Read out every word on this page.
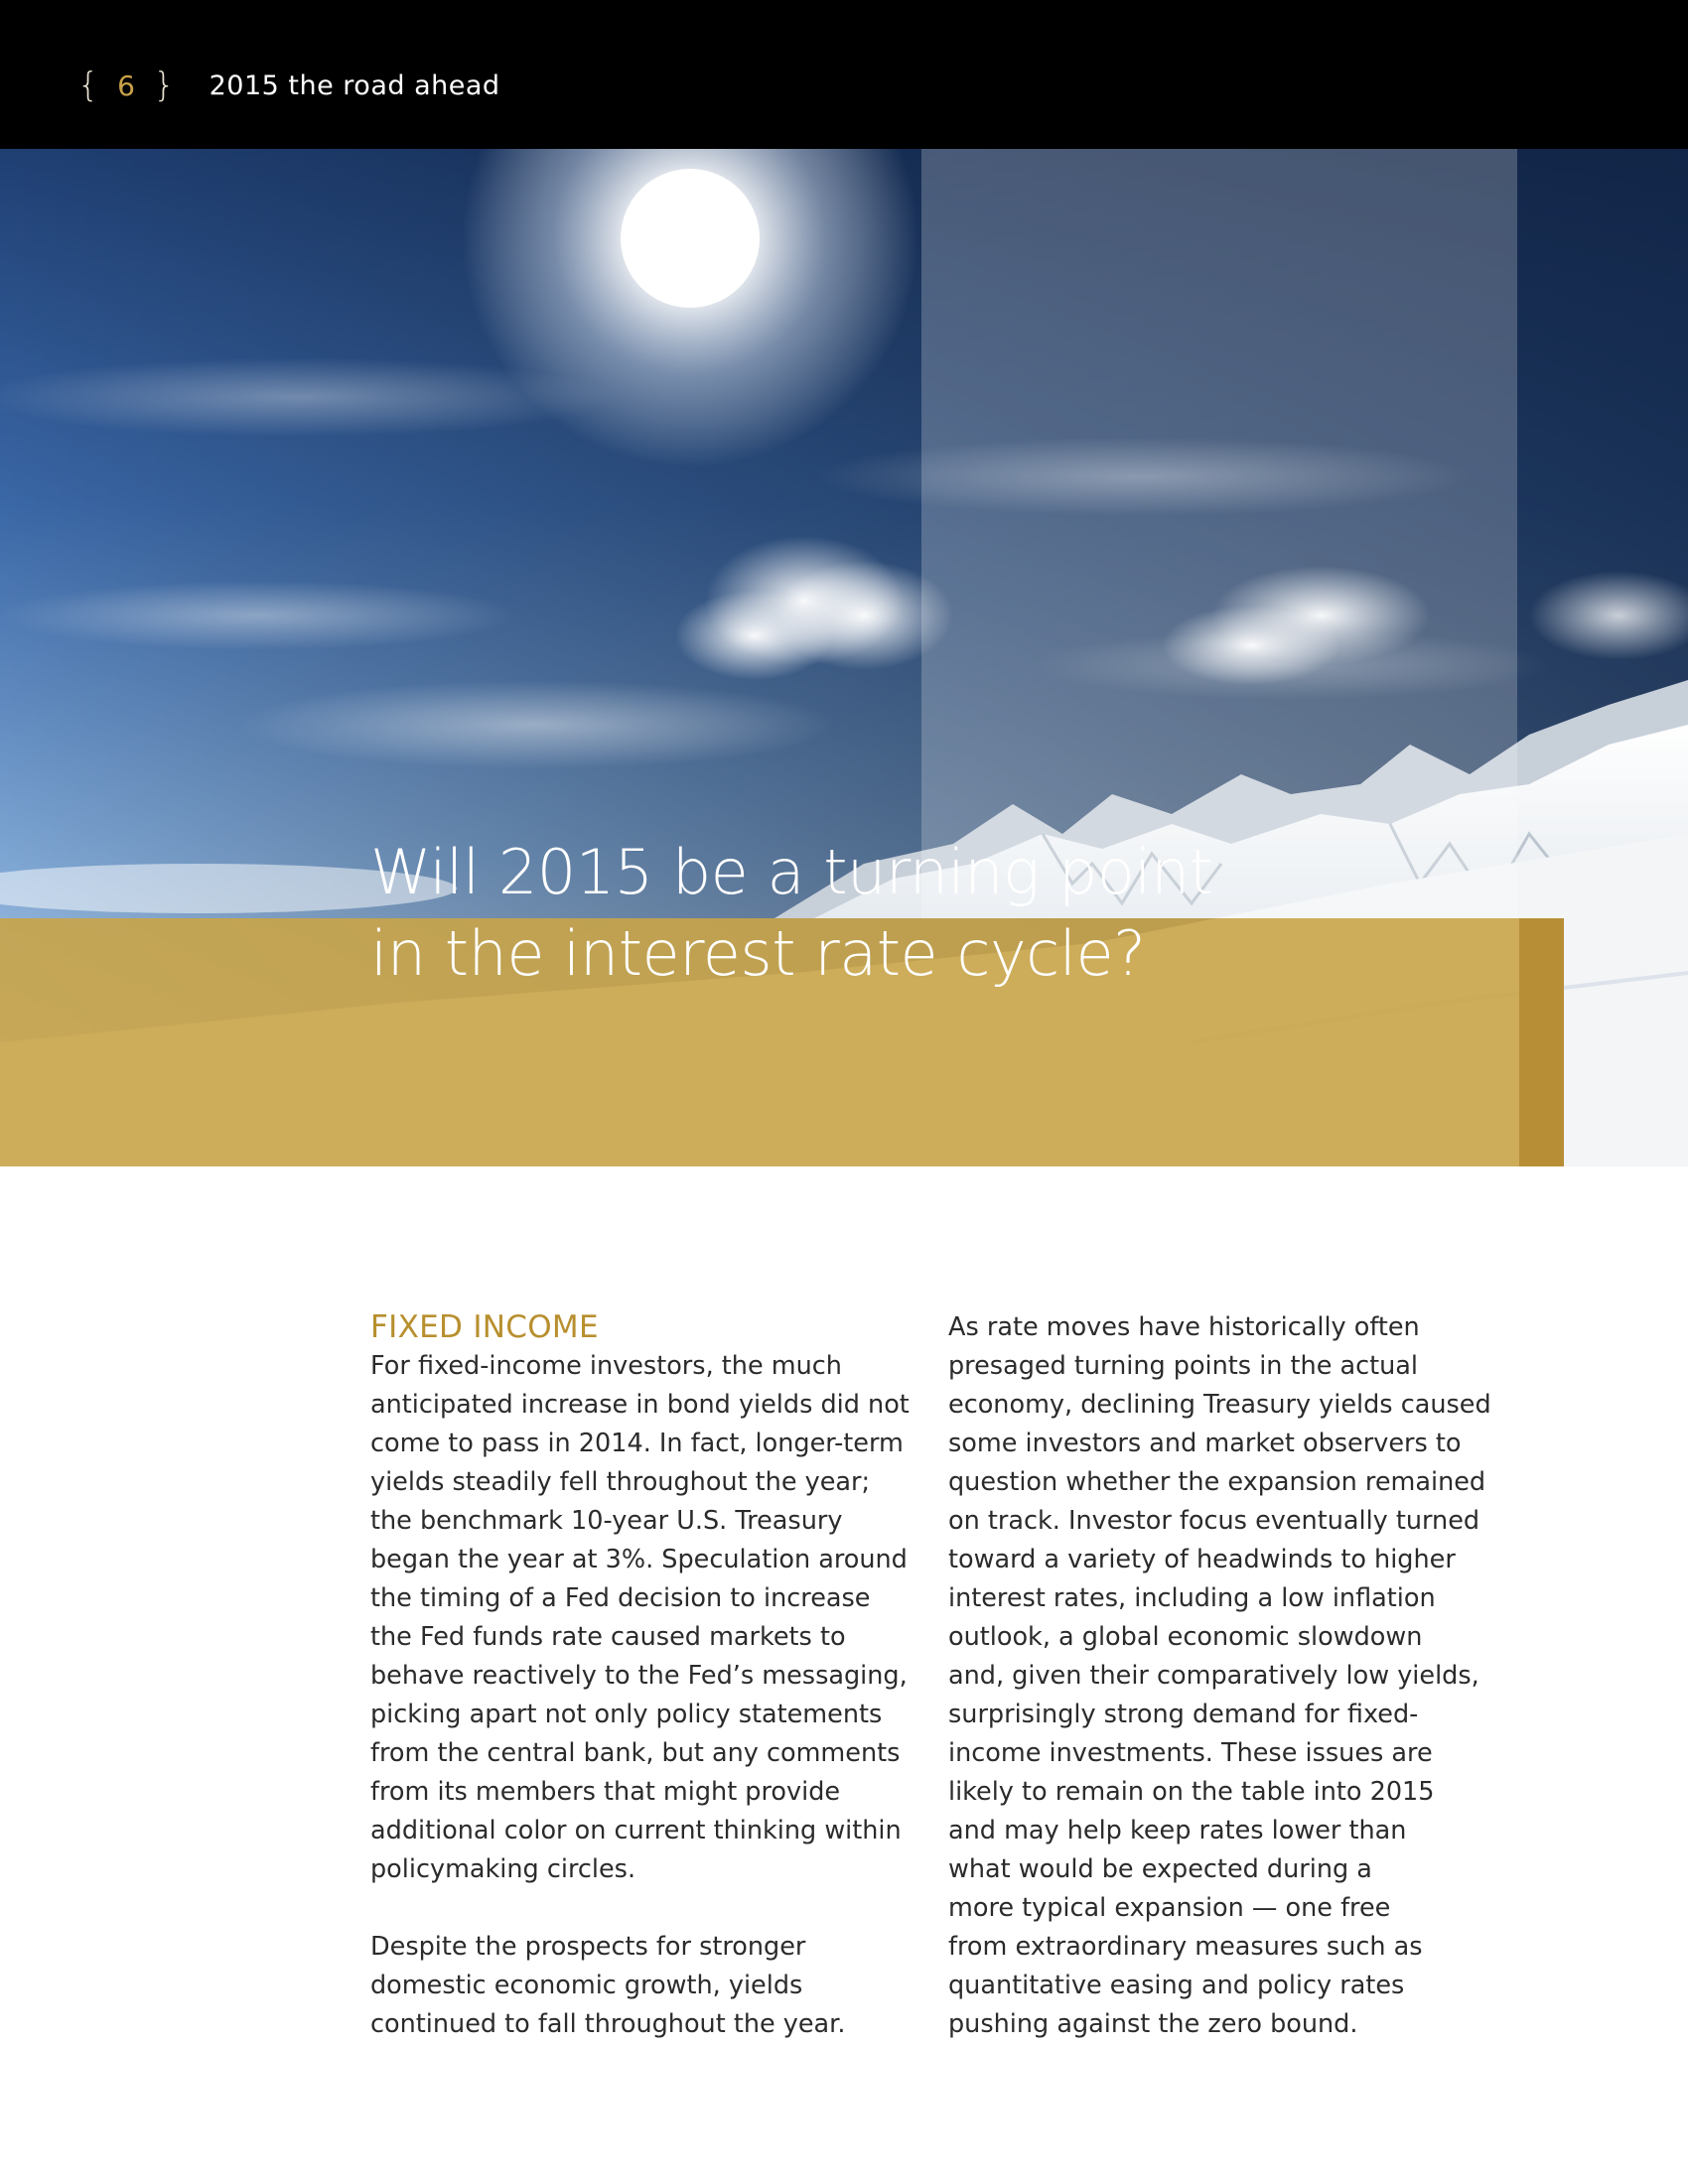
{ 6 } 2015 the road ahead
Will 2015 be a turning point
in the interest rate cycle?
FIXED INCOME

For fixed-income investors, the much
anticipated increase in bond yields did not
come to pass in 2014. In fact, longer-term
yields steadily fell throughout the year;
the benchmark 10-year U.S. Treasury
began the year at 3%. Speculation around
the timing of a Fed decision to increase
the Fed funds rate caused markets to
behave reactively to the Fed’s messaging,
picking apart not only policy statements
from the central bank, but any comments
from its members that might provide
additional color on current thinking within
policymaking circles.

Despite the prospects for stronger
domestic economic growth, yields
continued to fall throughout the year.

As rate moves have historically often
presaged turning points in the actual
economy, declining Treasury yields caused
some investors and market observers to
question whether the expansion remained
on track. Investor focus eventually turned
toward a variety of headwinds to higher
interest rates, including a low inflation
outlook, a global economic slowdown
and, given their comparatively low yields,
surprisingly strong demand for fixed-
income investments. These issues are
likely to remain on the table into 2015
and may help keep rates lower than
what would be expected during a
more typical expansion — one free
from extraordinary measures such as
quantitative easing and policy rates
pushing against the zero bound.
